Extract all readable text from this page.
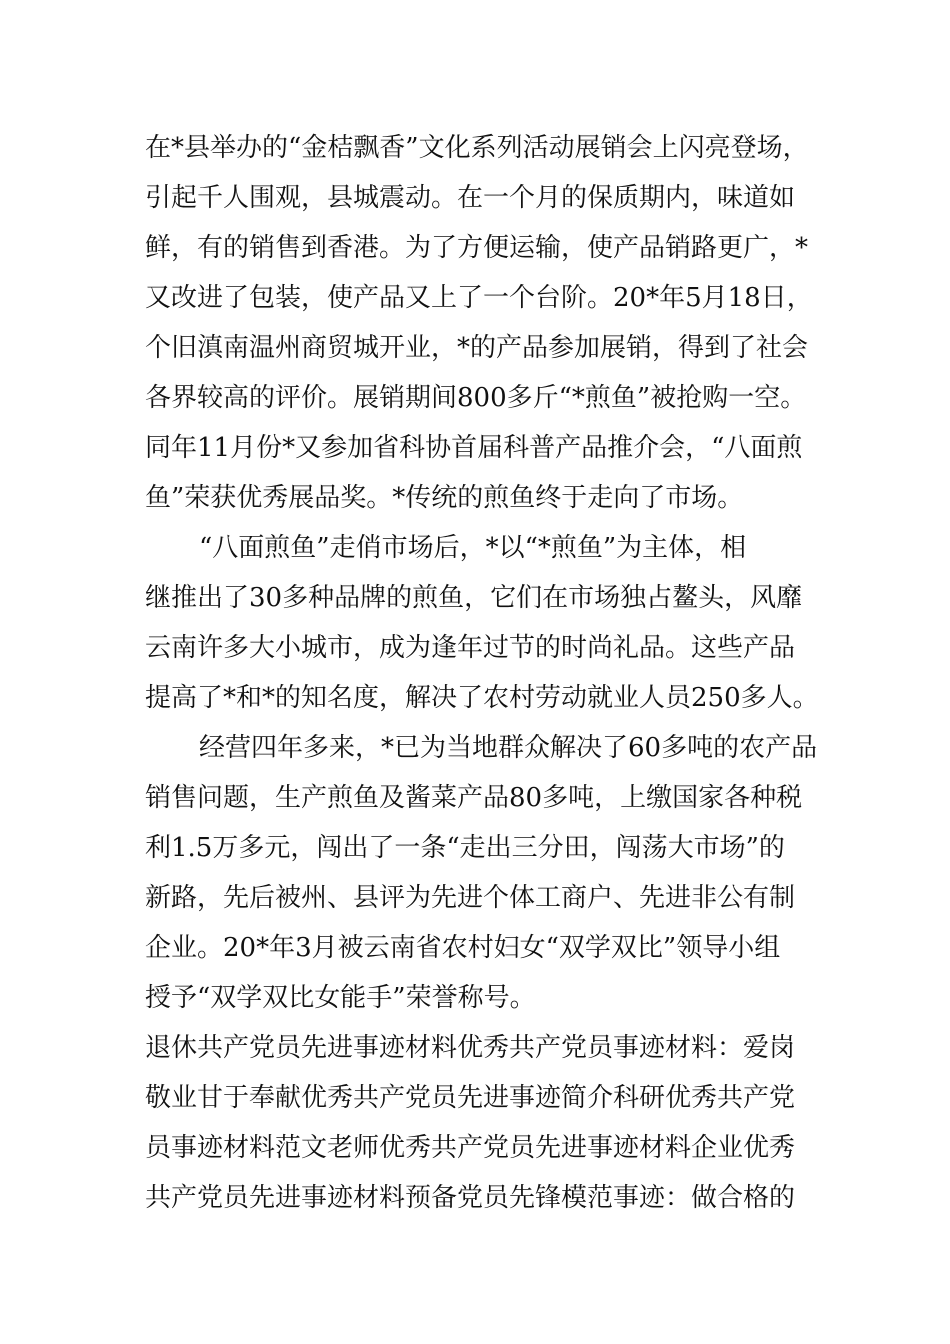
在*县举办的“金桔飘香”文化系列活动展销会上闪亮登场，
引起千人围观，县城震动。在一个月的保质期内，味道如
鲜，有的销售到香港。为了方便运输，使产品销路更广，*
又改进了包装，使产品又上了一个台阶。20*年5月18日，
个旧滇南温州商贸城开业，*的产品参加展销，得到了社会
各界较高的评价。展销期间800多斤“*煎鱼”被抢购一空。
同年11月份*又参加省科协首届科普产品推介会，“八面煎
鱼”荣获优秀展品奖。*传统的煎鱼终于走向了市场。
“八面煎鱼”走俏市场后，*以“*煎鱼”为主体，相
继推出了30多种品牌的煎鱼，它们在市场独占鳌头，风靡
云南许多大小城市，成为逢年过节的时尚礼品。这些产品
提高了*和*的知名度，解决了农村劳动就业人员250多人。
经营四年多来，*已为当地群众解决了60多吨的农产品
销售问题，生产煎鱼及酱菜产品80多吨，上缴国家各种税
利1.5万多元，闯出了一条“走出三分田，闯荡大市场”的
新路，先后被州、县评为先进个体工商户、先进非公有制
企业。20*年3月被云南省农村妇女“双学双比”领导小组
授予“双学双比女能手”荣誉称号。
退休共产党员先进事迹材料优秀共产党员事迹材料：爱岗
敬业甘于奉献优秀共产党员先进事迹简介科研优秀共产党
员事迹材料范文老师优秀共产党员先进事迹材料企业优秀
共产党员先进事迹材料预备党员先锋模范事迹：做合格的
